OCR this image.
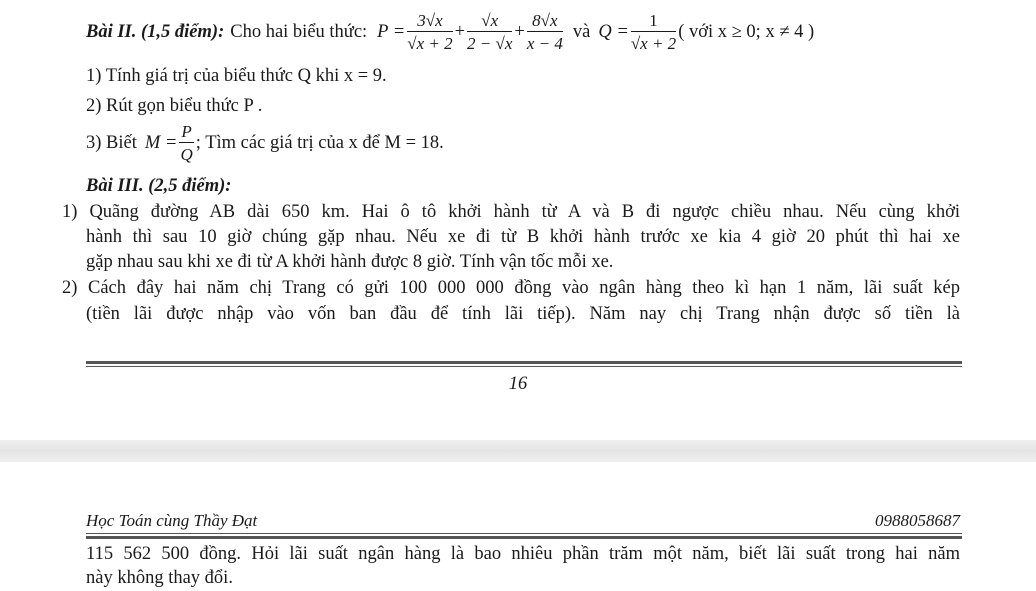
Bài II. (1,5 điểm): Cho hai biểu thức: $P = \frac{3√x}{√x + 2} + \frac{√x}{2 - √x} + \frac{8√x}{x - 4}$ và $Q = \frac{1}{√x + 2}$ ( với x ≥ 0; x ≠ 4 )
1) Tính giá trị của biểu thức Q khi x = 9.
2) Rút gọn biểu thức P .
3) Biết $M = \frac{P}{Q}$ ; Tìm các giá trị của x để M = 18.
Bài III. (2,5 điểm):
1) Quãng đường AB dài 650 km. Hai ô tô khởi hành từ A và B đi ngược chiều nhau. Nếu cùng khởi
hành thì sau 10 giờ chúng gặp nhau. Nếu xe đi từ B khởi hành trước xe kia 4 giờ 20 phút thì hai xe
gặp nhau sau khi xe đi từ A khởi hành được 8 giờ. Tính vận tốc mỗi xe.
2) Cách đây hai năm chị Trang có gửi 100 000 000 đồng vào ngân hàng theo kì hạn 1 năm, lãi suất kép
(tiền lãi được nhập vào vốn ban đầu để tính lãi tiếp). Năm nay chị Trang nhận được số tiền là
16
Học Toán cùng Thầy Đạt	0988058687
115 562 500 đồng. Hỏi lãi suất ngân hàng là bao nhiêu phần trăm một năm, biết lãi suất trong hai năm
này không thay đổi.
